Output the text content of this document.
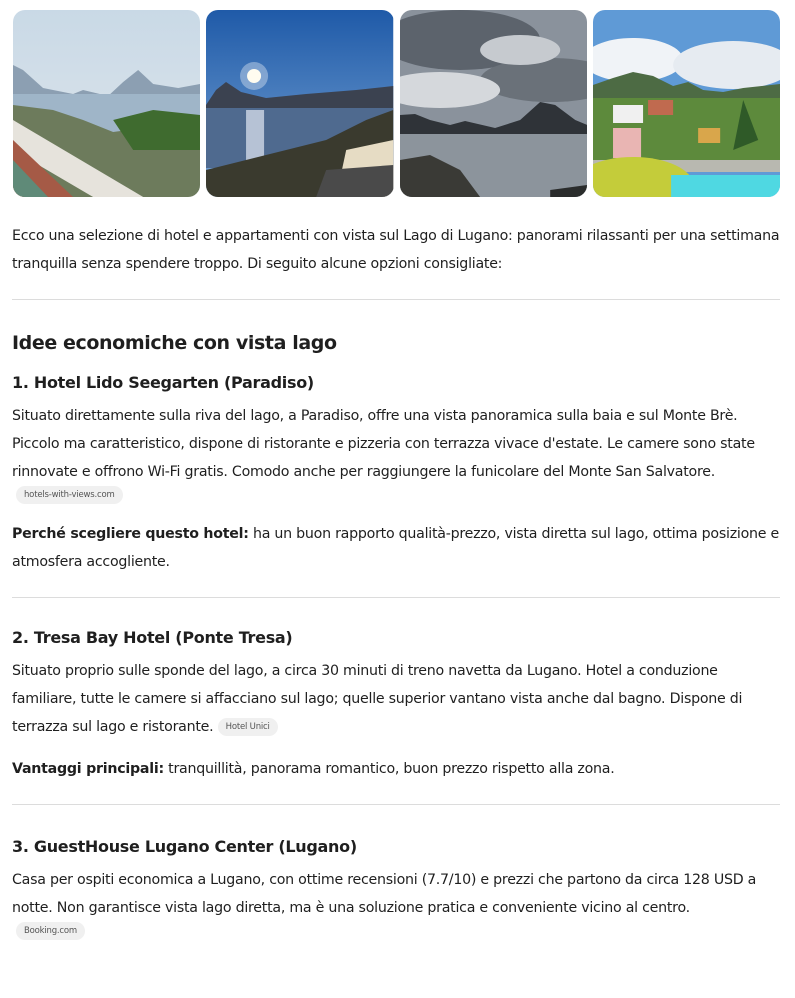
Ecco una selezione di hotel e appartamenti con vista sul Lago di Lugano: panorami rilassanti per una settimana tranquilla senza spendere troppo. Di seguito alcune opzioni consigliate:

Idee economiche con vista lago
1. Hotel Lido Seegarten (Paradiso)

Situato direttamente sulla riva del lago, a Paradiso, offre una vista panoramica sulla baia e sul Monte Brè. Piccolo ma caratteristico, dispone di ristorante e pizzeria con terrazza vivace d'estate. Le camere sono state rinnovate e offrono Wi-Fi gratis. Comodo anche per raggiungere la funicolare del Monte San Salvatore.

hotels-with-views.com

Perché scegliere questo hotel: ha un buon rapporto qualità-prezzo, vista diretta sul lago, ottima posizione e atmosfera accogliente.

2. Tresa Bay Hotel (Ponte Tresa)

Situato proprio sulle sponde del lago, a circa 30 minuti di treno navetta da Lugano. Hotel a conduzione familiare, tutte le camere si affacciano sul lago; quelle superior vantano vista anche dal bagno. Dispone di terrazza sul lago e ristorante. Hotel Unici

Vantaggi principali: tranquillità, panorama romantico, buon prezzo rispetto alla zona.

3. GuestHouse Lugano Center (Lugano)

Casa per ospiti economica a Lugano, con ottime recensioni (7.7/10) e prezzi che partono da circa 128 USD a notte. Non garantisce vista lago diretta, ma è una soluzione pratica e conveniente vicino al centro.

Booking.com
